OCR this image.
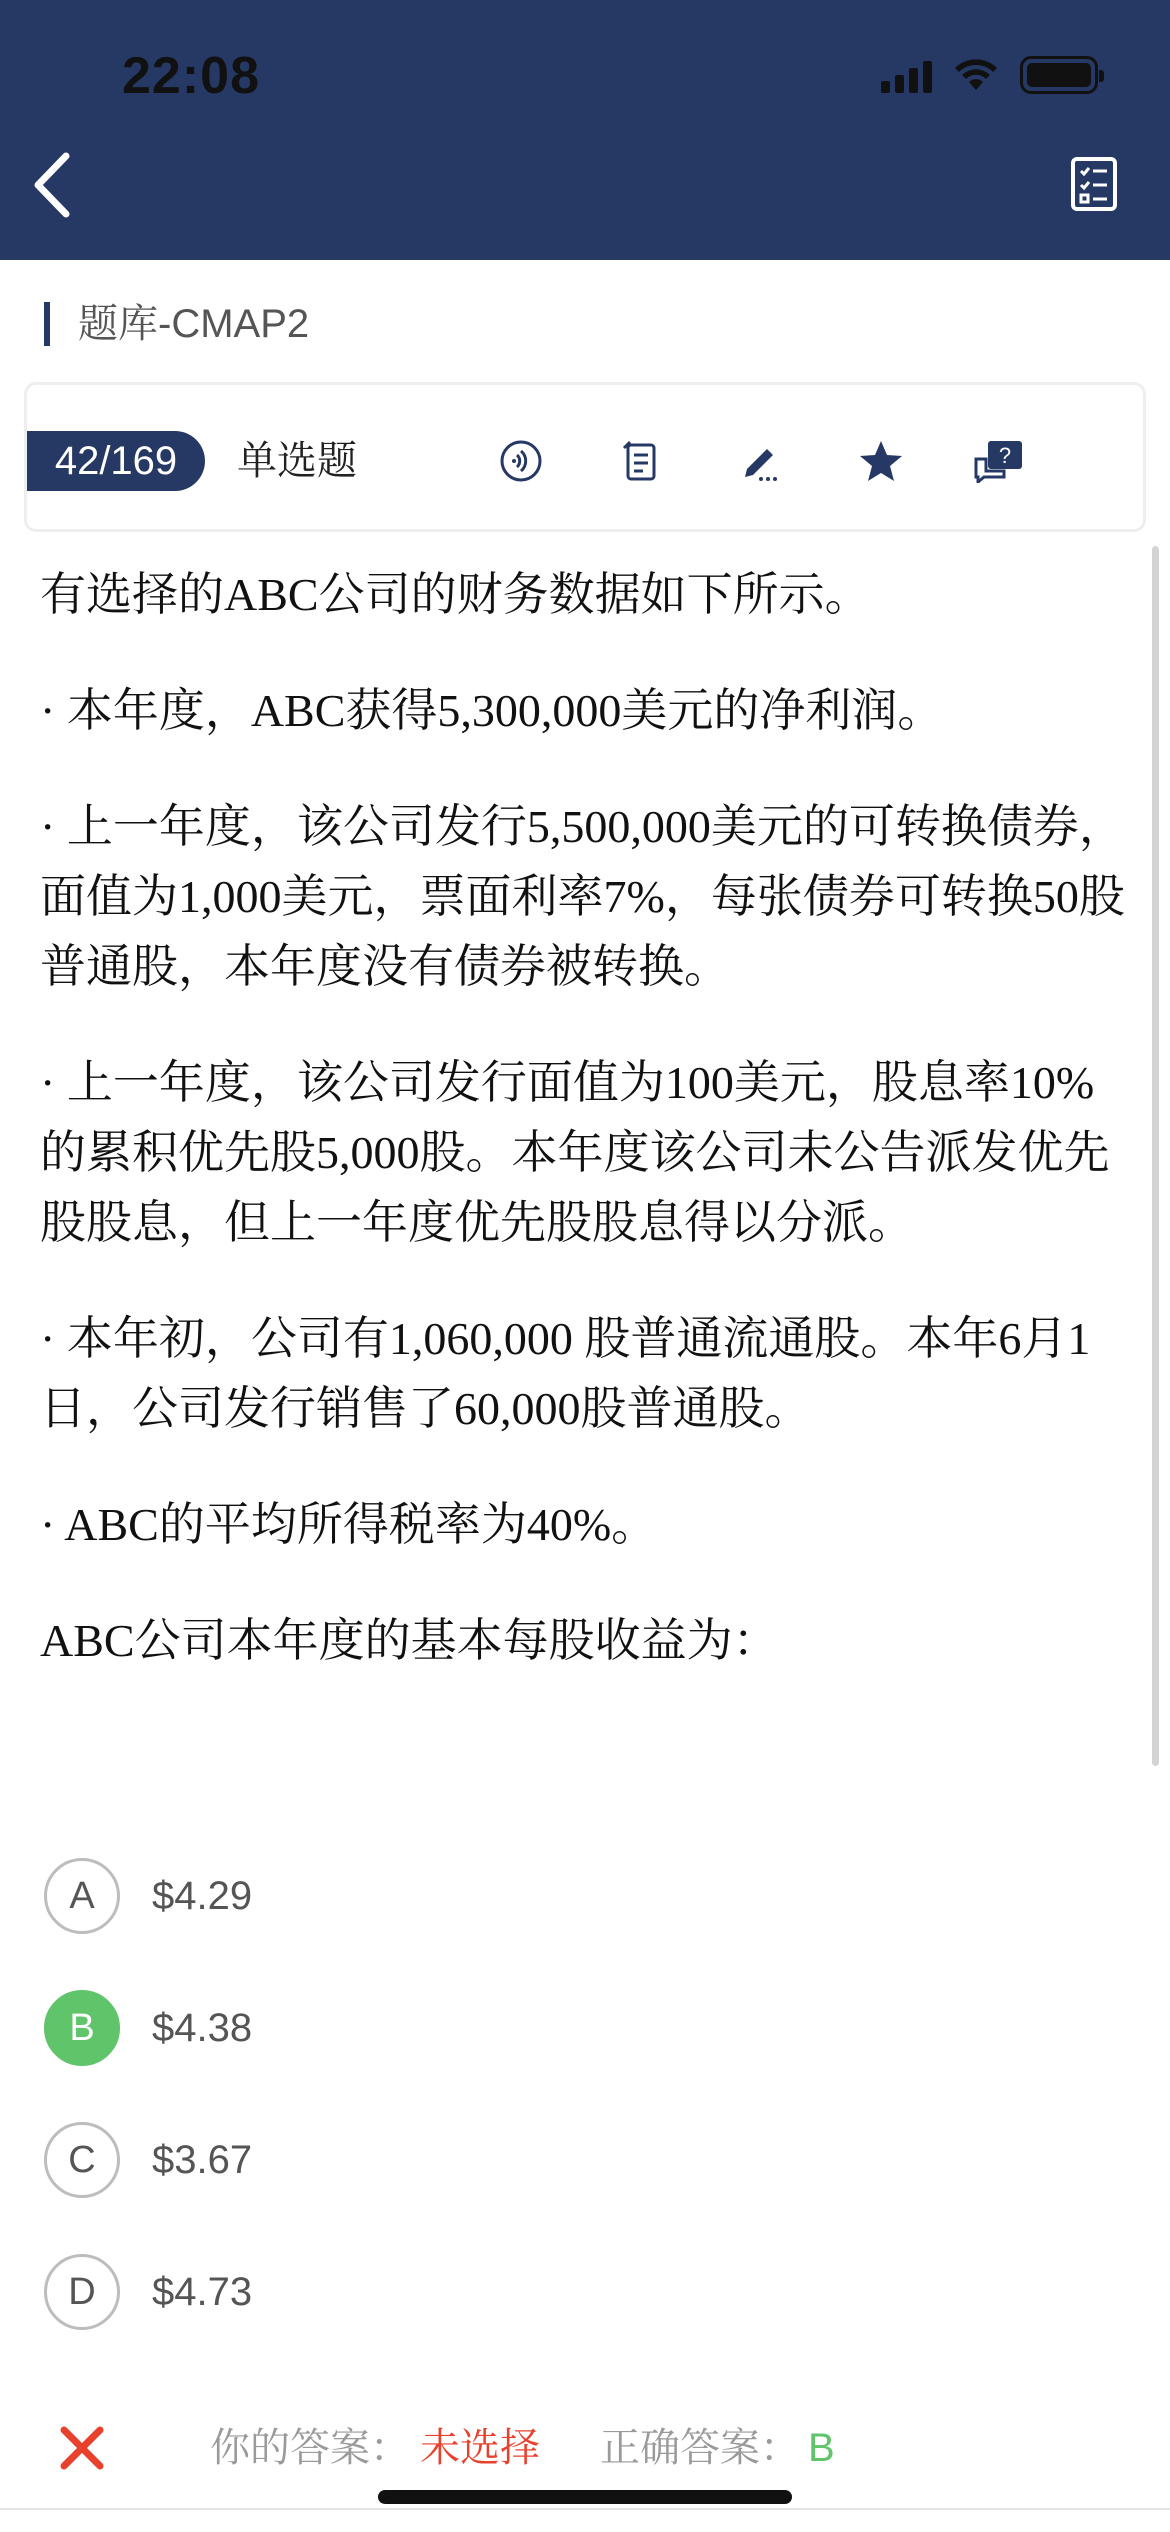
22:08
题库-CMAP2
42/169	单选题	?

有选择的ABC公司的财务数据如下所示。

· 本年度，ABC获得5,300,000美元的净利润。

· 上一年度，该公司发行5,500,000美元的可转换债券，面值为1,000美元，票面利率7%，每张债券可转换50股普通股，本年度没有债券被转换。

· 上一年度，该公司发行面值为100美元，股息率10%的累积优先股5,000股。本年度该公司未公告派发优先股股息，但上一年度优先股股息得以分派。

· 本年初，公司有1,060,000 股普通流通股。本年6月1日，公司发行销售了60,000股普通股。

· ABC的平均所得税率为40%。

ABC公司本年度的基本每股收益为：

A	$4.29
B	$4.38
C	$3.67
D	$4.73
你的答案： 未选择 正确答案： B
